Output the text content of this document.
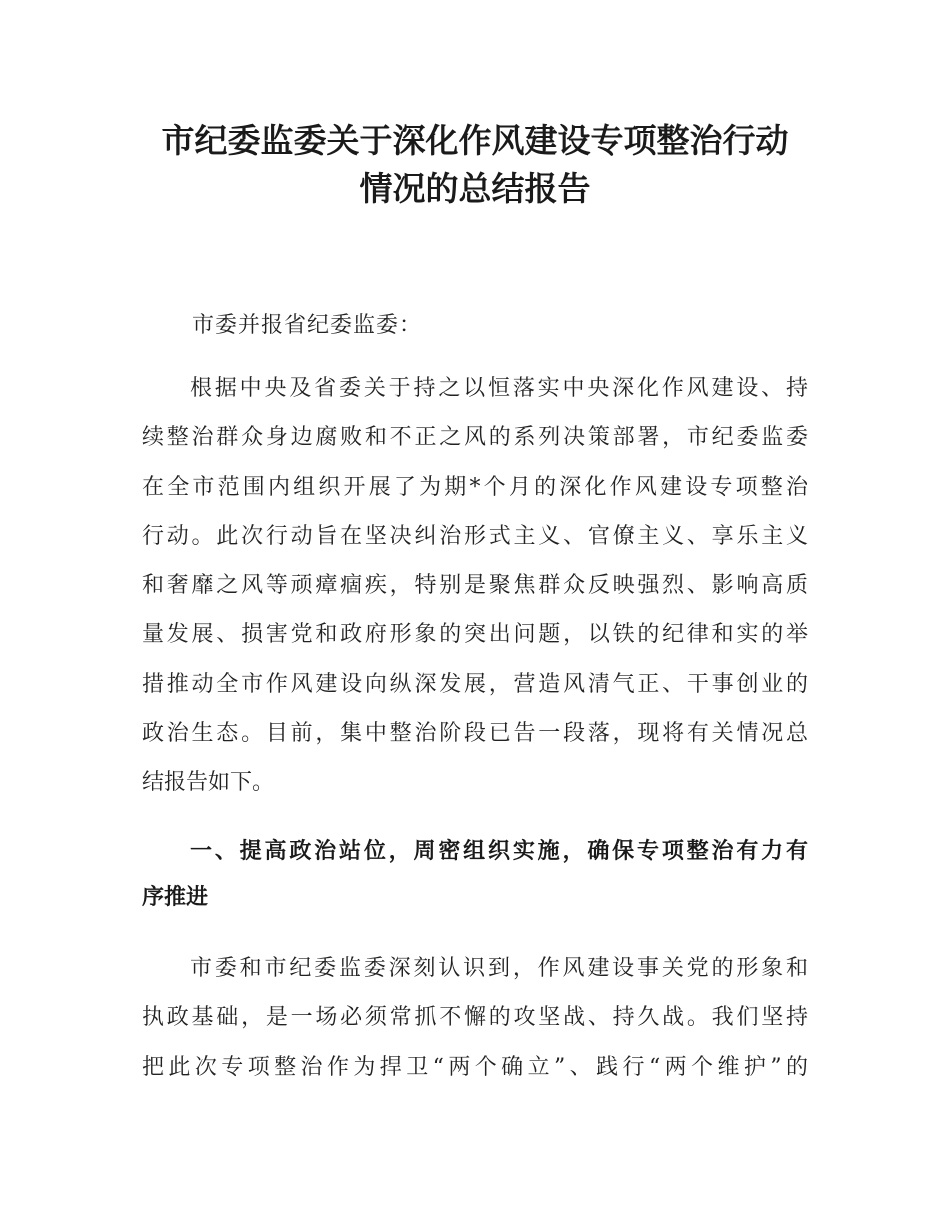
市纪委监委关于深化作风建设专项整治行动
情况的总结报告

市委并报省纪委监委：

根据中央及省委关于持之以恒落实中央深化作风建设、持
续整治群众身边腐败和不正之风的系列决策部署，市纪委监委
在全市范围内组织开展了为期*个月的深化作风建设专项整治
行动。此次行动旨在坚决纠治形式主义、官僚主义、享乐主义
和奢靡之风等顽瘴痼疾，特别是聚焦群众反映强烈、影响高质
量发展、损害党和政府形象的突出问题，以铁的纪律和实的举
措推动全市作风建设向纵深发展，营造风清气正、干事创业的
政治生态。目前，集中整治阶段已告一段落，现将有关情况总
结报告如下。
一、提高政治站位，周密组织实施，确保专项整治有力有
序推进
市委和市纪委监委深刻认识到，作风建设事关党的形象和
执政基础，是一场必须常抓不懈的攻坚战、持久战。我们坚持
把此次专项整治作为捍卫“两个确立”、践行“两个维护”的
